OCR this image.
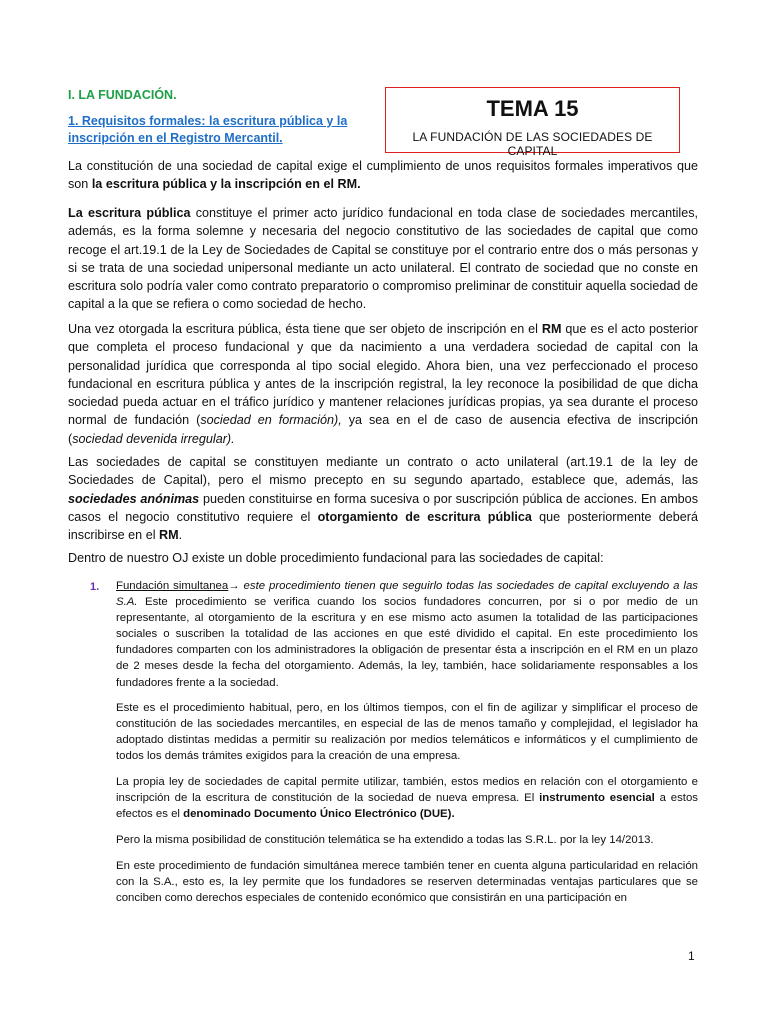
I. LA FUNDACIÓN.
1. Requisitos formales: la escritura pública y la inscripción en el Registro Mercantil.
TEMA 15
LA FUNDACIÓN DE LAS SOCIEDADES DE CAPITAL

La constitución de una sociedad de capital exige el cumplimiento de unos requisitos formales imperativos que son la escritura pública y la inscripción en el RM.

La escritura pública constituye el primer acto jurídico fundacional en toda clase de sociedades mercantiles, además, es la forma solemne y necesaria del negocio constitutivo de las sociedades de capital que como recoge el art.19.1 de la Ley de Sociedades de Capital se constituye por el contrario entre dos o más personas y si se trata de una sociedad unipersonal mediante un acto unilateral. El contrato de sociedad que no conste en escritura solo podría valer como contrato preparatorio o compromiso preliminar de constituir aquella sociedad de capital a la que se refiera o como sociedad de hecho.

Una vez otorgada la escritura pública, ésta tiene que ser objeto de inscripción en el RM que es el acto posterior que completa el proceso fundacional y que da nacimiento a una verdadera sociedad de capital con la personalidad jurídica que corresponda al tipo social elegido. Ahora bien, una vez perfeccionado el proceso fundacional en escritura pública y antes de la inscripción registral, la ley reconoce la posibilidad de que dicha sociedad pueda actuar en el tráfico jurídico y mantener relaciones jurídicas propias, ya sea durante el proceso normal de fundación (sociedad en formación), ya sea en el de caso de ausencia efectiva de inscripción (sociedad devenida irregular).

Las sociedades de capital se constituyen mediante un contrato o acto unilateral (art.19.1 de la ley de Sociedades de Capital), pero el mismo precepto en su segundo apartado, establece que, además, las sociedades anónimas pueden constituirse en forma sucesiva o por suscripción pública de acciones. En ambos casos el negocio constitutivo requiere el otorgamiento de escritura pública que posteriormente deberá inscribirse en el RM.

Dentro de nuestro OJ existe un doble procedimiento fundacional para las sociedades de capital:

1. Fundación simultanea→ este procedimiento tienen que seguirlo todas las sociedades de capital excluyendo a las S.A. Este procedimiento se verifica cuando los socios fundadores concurren, por si o por medio de un representante, al otorgamiento de la escritura y en ese mismo acto asumen la totalidad de las participaciones sociales o suscriben la totalidad de las acciones en que esté dividido el capital. En este procedimiento los fundadores comparten con los administradores la obligación de presentar ésta a inscripción en el RM en un plazo de 2 meses desde la fecha del otorgamiento. Además, la ley, también, hace solidariamente responsables a los fundadores frente a la sociedad.

Este es el procedimiento habitual, pero, en los últimos tiempos, con el fin de agilizar y simplificar el proceso de constitución de las sociedades mercantiles, en especial de las de menos tamaño y complejidad, el legislador ha adoptado distintas medidas a permitir su realización por medios telemáticos e informáticos y el cumplimiento de todos los demás trámites exigidos para la creación de una empresa.

La propia ley de sociedades de capital permite utilizar, también, estos medios en relación con el otorgamiento e inscripción de la escritura de constitución de la sociedad de nueva empresa. El instrumento esencial a estos efectos es el denominado Documento Único Electrónico (DUE).

Pero la misma posibilidad de constitución telemática se ha extendido a todas las S.R.L. por la ley 14/2013.

En este procedimiento de fundación simultánea merece también tener en cuenta alguna particularidad en relación con la S.A., esto es, la ley permite que los fundadores se reserven determinadas ventajas particulares que se conciben como derechos especiales de contenido económico que consistirán en una participación en

1
